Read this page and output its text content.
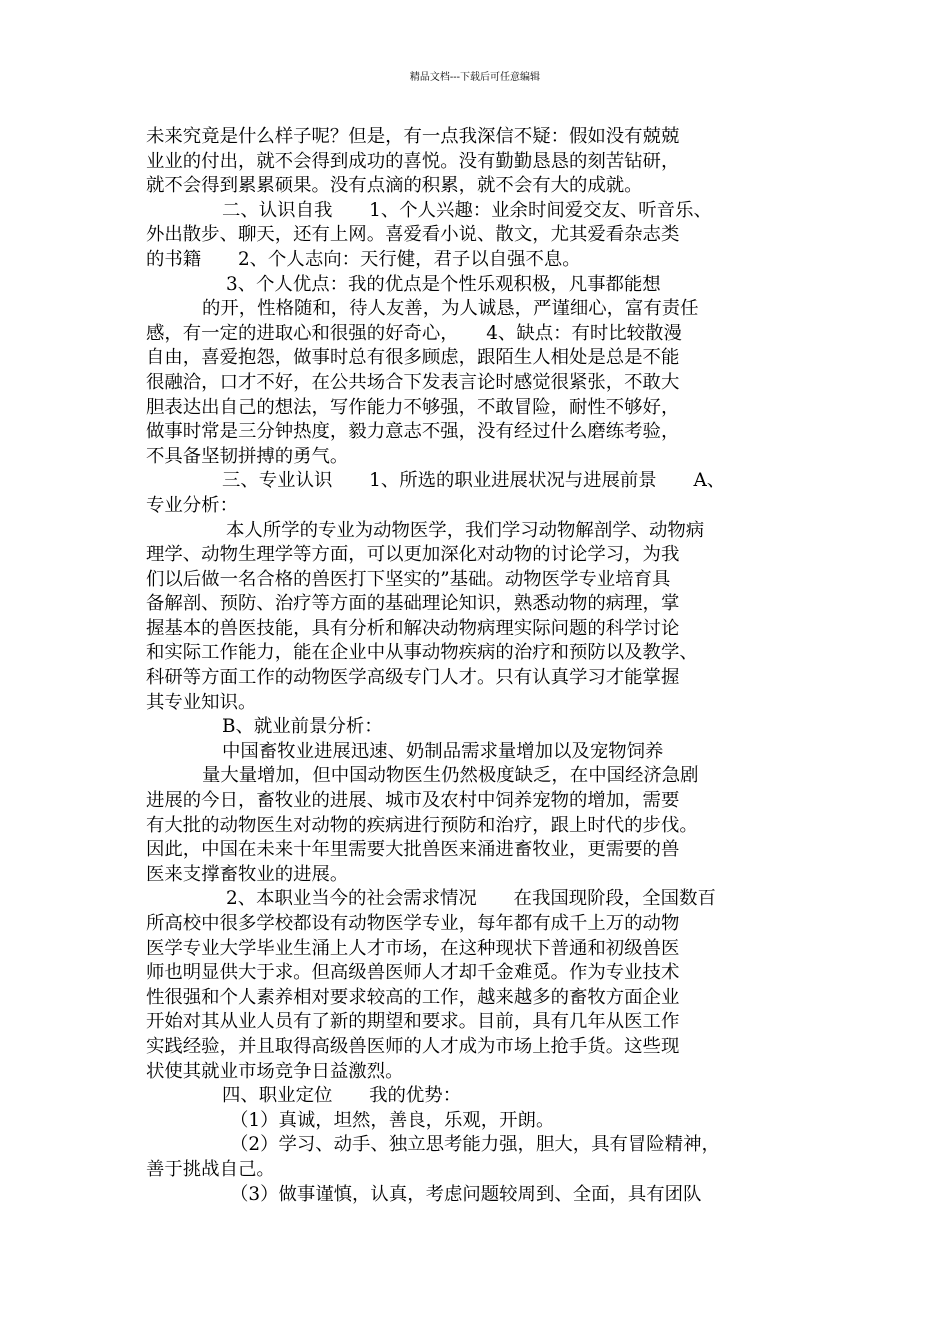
精品文档---下载后可任意编辑
未来究竟是什么样子呢？但是，有一点我深信不疑：假如没有兢兢
业业的付出，就不会得到成功的喜悦。没有勤勤恳恳的刻苦钻研，
就不会得到累累硕果。没有点滴的积累，就不会有大的成就。
二、认识自我　　1、个人兴趣：业余时间爱交友、听音乐、
外出散步、聊天，还有上网。喜爱看小说、散文，尤其爱看杂志类
的书籍　　2、个人志向：天行健，君子以自强不息。
3、个人优点：我的优点是个性乐观积极，凡事都能想
的开，性格随和，待人友善，为人诚恳，严谨细心，富有责任
感，有一定的进取心和很强的好奇心，　　4、缺点：有时比较散漫
自由，喜爱抱怨，做事时总有很多顾虑，跟陌生人相处是总是不能
很融洽，口才不好，在公共场合下发表言论时感觉很紧张，不敢大
胆表达出自己的想法，写作能力不够强，不敢冒险，耐性不够好，
做事时常是三分钟热度，毅力意志不强，没有经过什么磨练考验，
不具备坚韧拼搏的勇气。
三、专业认识　　1、所选的职业进展状况与进展前景　　A、
专业分析：
本人所学的专业为动物医学，我们学习动物解剖学、动物病
理学、动物生理学等方面，可以更加深化对动物的讨论学习，为我
们以后做一名合格的兽医打下坚实的”基础。动物医学专业培育具
备解剖、预防、治疗等方面的基础理论知识，熟悉动物的病理，掌
握基本的兽医技能，具有分析和解决动物病理实际问题的科学讨论
和实际工作能力，能在企业中从事动物疾病的治疗和预防以及教学、
科研等方面工作的动物医学高级专门人才。只有认真学习才能掌握
其专业知识。
B、就业前景分析：
中国畜牧业进展迅速、奶制品需求量增加以及宠物饲养
量大量增加，但中国动物医生仍然极度缺乏，在中国经济急剧
进展的今日，畜牧业的进展、城市及农村中饲养宠物的增加，需要
有大批的动物医生对动物的疾病进行预防和治疗，跟上时代的步伐。
因此，中国在未来十年里需要大批兽医来涌进畜牧业，更需要的兽
医来支撑畜牧业的进展。
2、本职业当今的社会需求情况　　在我国现阶段，全国数百
所高校中很多学校都设有动物医学专业，每年都有成千上万的动物
医学专业大学毕业生涌上人才市场，在这种现状下普通和初级兽医
师也明显供大于求。但高级兽医师人才却千金难觅。作为专业技术
性很强和个人素养相对要求较高的工作，越来越多的畜牧方面企业
开始对其从业人员有了新的期望和要求。目前，具有几年从医工作
实践经验，并且取得高级兽医师的人才成为市场上抢手货。这些现
状使其就业市场竞争日益激烈。
四、职业定位　　我的优势：
（1）真诚，坦然，善良，乐观，开朗。
（2）学习、动手、独立思考能力强，胆大，具有冒险精神，
善于挑战自己。
（3）做事谨慎，认真，考虑问题较周到、全面，具有团队
